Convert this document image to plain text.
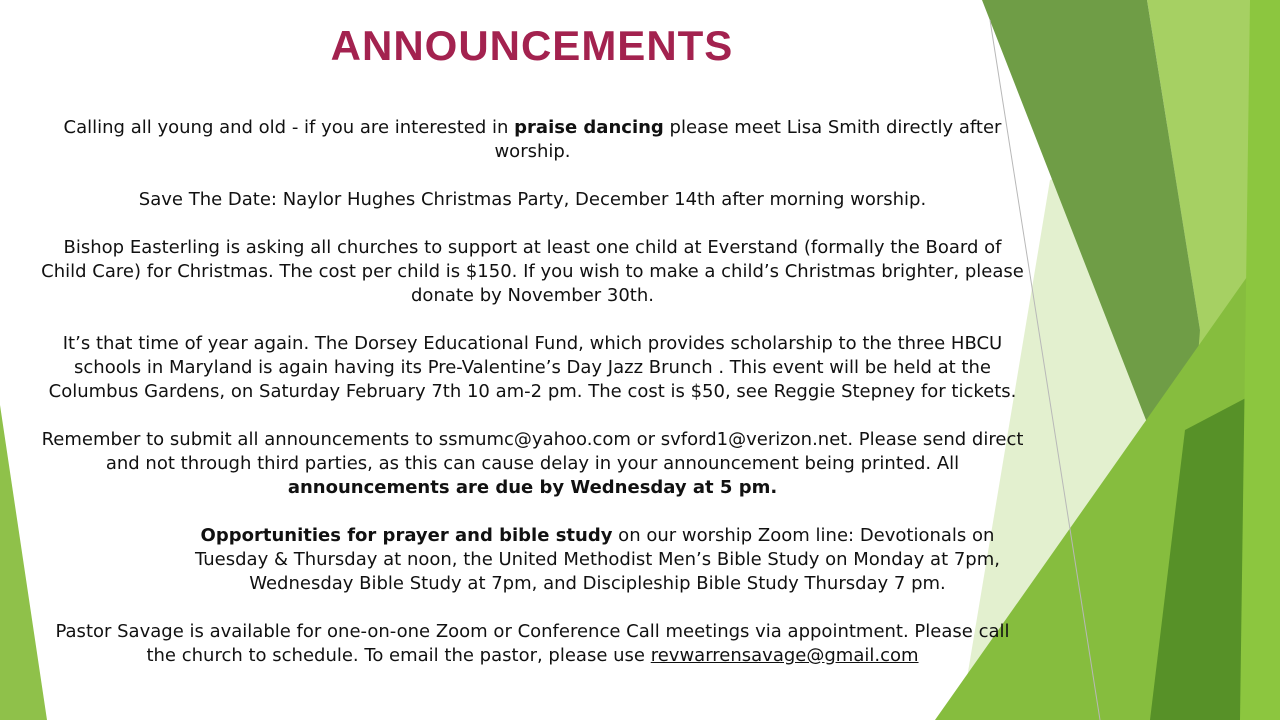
ANNOUNCEMENTS

Calling all young and old - if you are interested in praise dancing please meet Lisa Smith directly after worship.

Save The Date: Naylor Hughes Christmas Party, December 14th after morning worship.

Bishop Easterling is asking all churches to support at least one child at Everstand (formally the Board of Child Care) for Christmas. The cost per child is $150. If you wish to make a child’s Christmas brighter, please donate by November 30th.

It’s that time of year again. The Dorsey Educational Fund, which provides scholarship to the three HBCU schools in Maryland is again having its Pre-Valentine’s Day Jazz Brunch . This event will be held at the Columbus Gardens, on Saturday February 7th 10 am-2 pm. The cost is $50, see Reggie Stepney for tickets.

Remember to submit all announcements to ssmumc@yahoo.com or svford1@verizon.net. Please send direct and not through third parties, as this can cause delay in your announcement being printed. All announcements are due by Wednesday at 5 pm.

Opportunities for prayer and bible study on our worship Zoom line: Devotionals on Tuesday & Thursday at noon, the United Methodist Men’s Bible Study on Monday at 7pm, Wednesday Bible Study at 7pm, and Discipleship Bible Study Thursday 7 pm.

Pastor Savage is available for one-on-one Zoom or Conference Call meetings via appointment. Please call the church to schedule. To email the pastor, please use revwarrensavage@gmail.com
